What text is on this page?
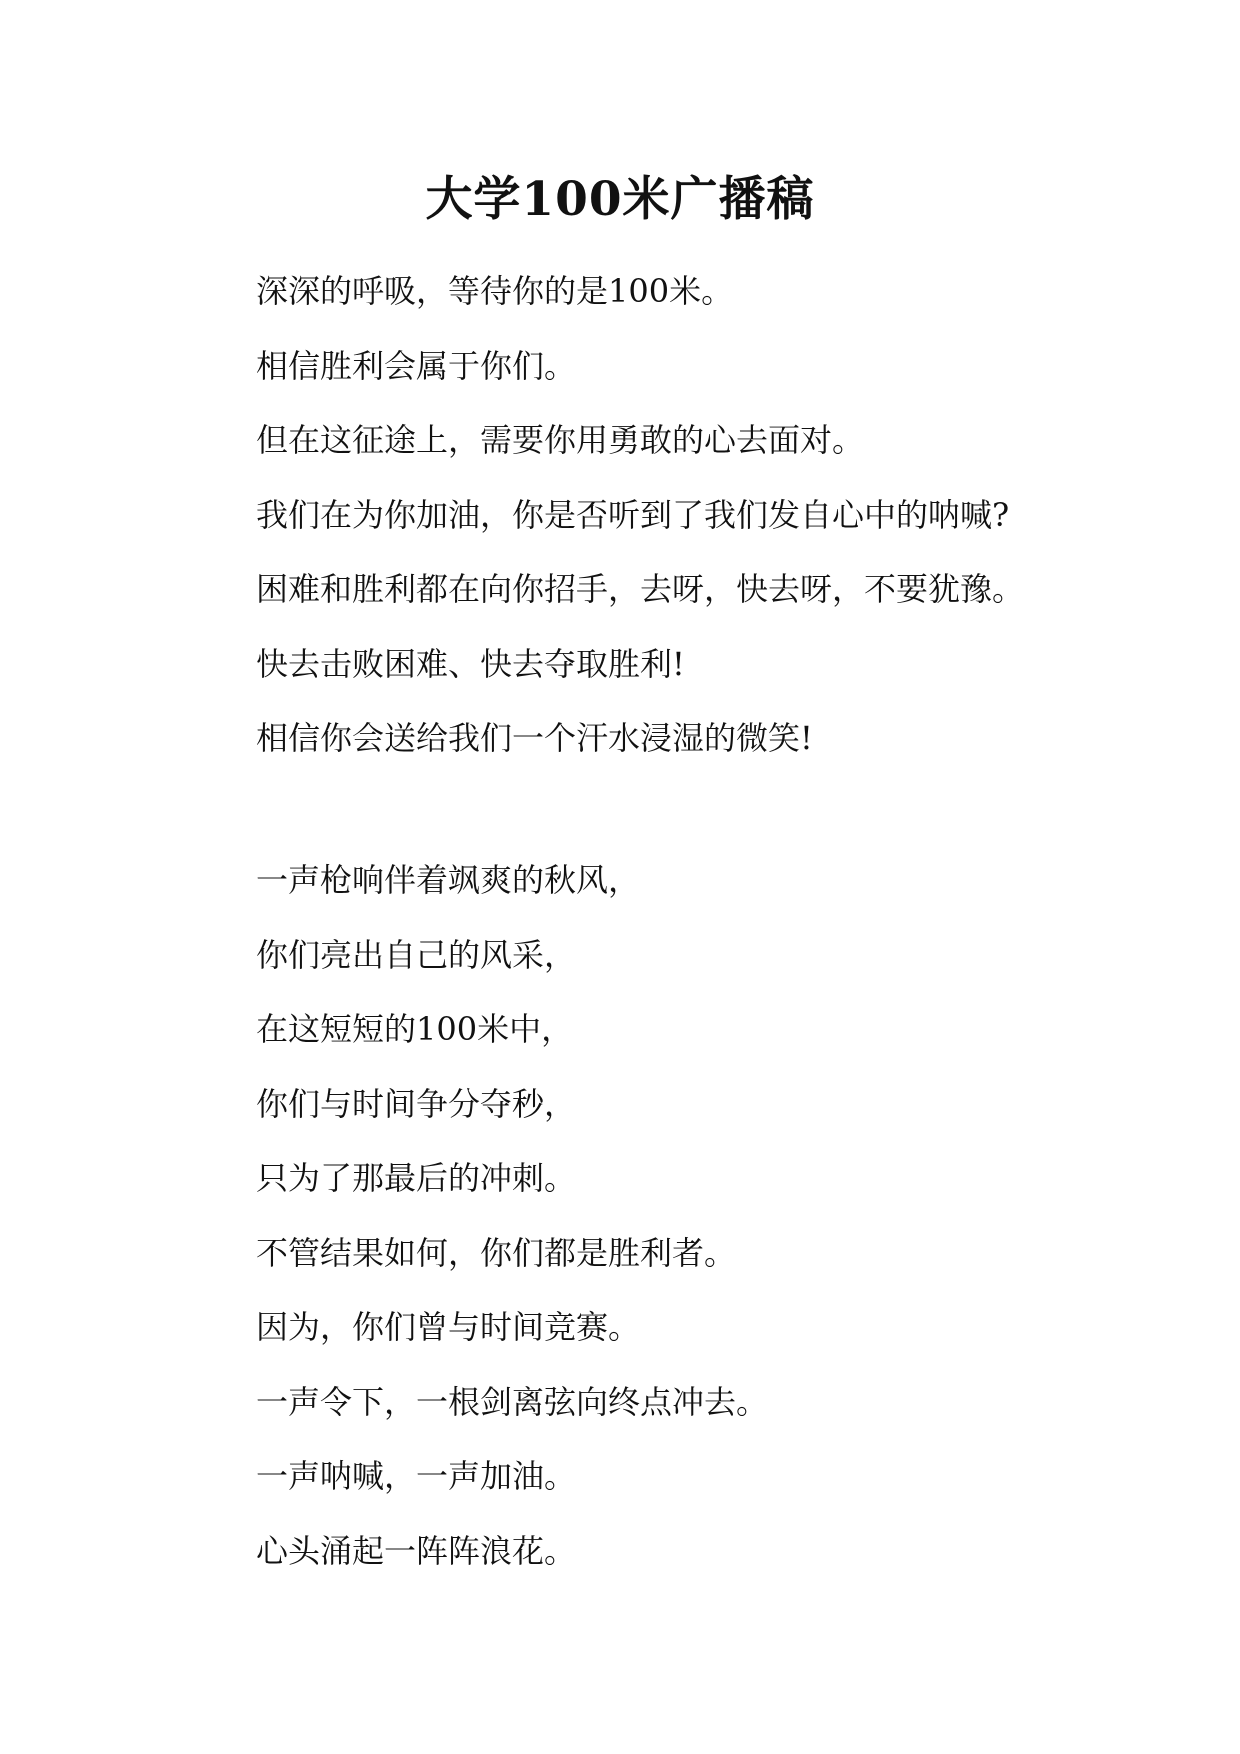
大学100米广播稿

深深的呼吸，等待你的是100米。

相信胜利会属于你们。

但在这征途上，需要你用勇敢的心去面对。

我们在为你加油，你是否听到了我们发自心中的呐喊?

困难和胜利都在向你招手，去呀，快去呀，不要犹豫。

快去击败困难、快去夺取胜利!

相信你会送给我们一个汗水浸湿的微笑!

一声枪响伴着飒爽的秋风，

你们亮出自己的风采，

在这短短的100米中，

你们与时间争分夺秒，

只为了那最后的冲刺。

不管结果如何，你们都是胜利者。

因为，你们曾与时间竞赛。

一声令下，一根剑离弦向终点冲去。

一声呐喊，一声加油。

心头涌起一阵阵浪花。
